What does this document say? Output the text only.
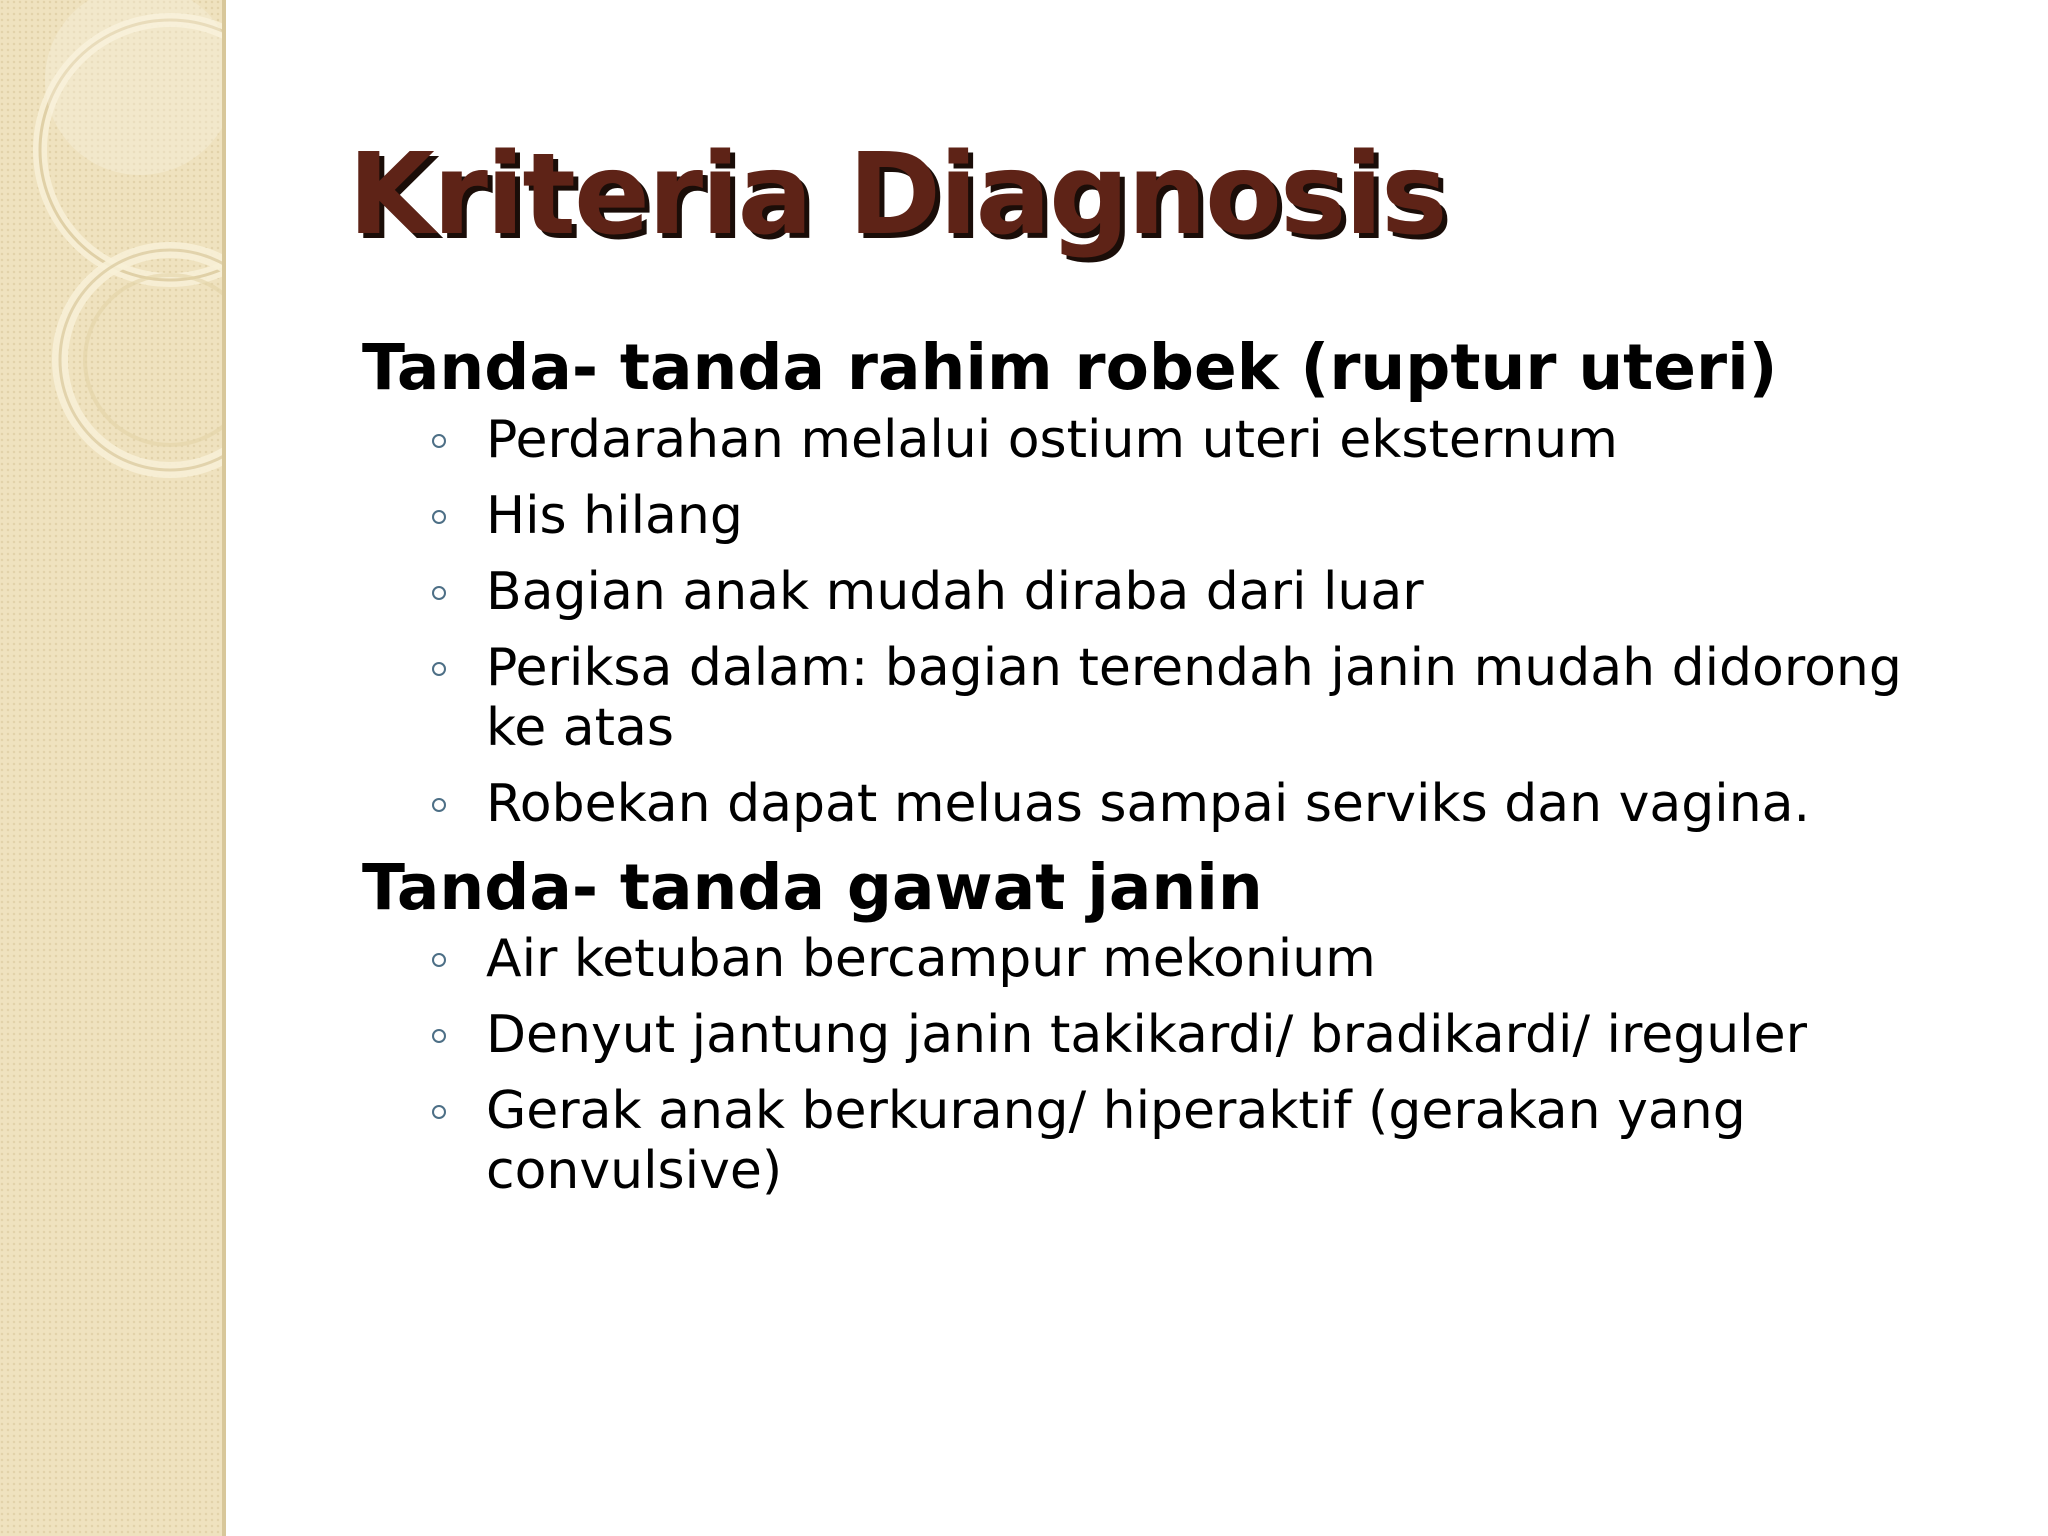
Kriteria Diagnosis

Tanda- tanda rahim robek (ruptur uteri)

Perdarahan melalui ostium uteri eksternum
His hilang
Bagian anak mudah diraba dari luar
Periksa dalam: bagian terendah janin mudah didorong ke atas
Robekan dapat meluas sampai serviks dan vagina.

Tanda- tanda gawat janin

Air ketuban bercampur mekonium
Denyut jantung janin takikardi/ bradikardi/ ireguler
Gerak anak berkurang/ hiperaktif (gerakan yang convulsive)
